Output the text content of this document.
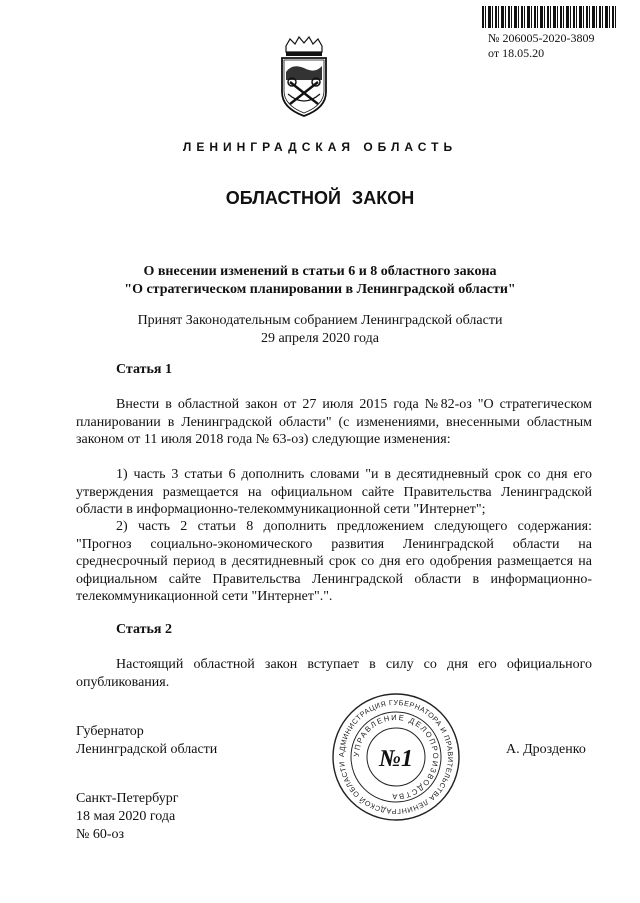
№ 206005-2020-3809
от 18.05.20
ЛЕНИНГРАДСКАЯ ОБЛАСТЬ
ОБЛАСТНОЙ ЗАКОН
О внесении изменений в статьи 6 и 8 областного закона
"О стратегическом планировании в Ленинградской области"
Принят Законодательным собранием Ленинградской области
29 апреля 2020 года
Статья 1
Внести в областной закон от 27 июля 2015 года №82-оз "О стратегическом планировании в Ленинградской области" (с изменениями, внесенными областным законом от 11 июля 2018 года № 63-оз) следующие изменения:
1) часть 3 статьи 6 дополнить словами "и в десятидневный срок со дня его утверждения размещается на официальном сайте Правительства Ленинградской области в информационно-телекоммуникационной сети "Интернет";
2) часть 2 статьи 8 дополнить предложением следующего содержания: "Прогноз социально-экономического развития Ленинградской области на среднесрочный период в десятидневный срок со дня его одобрения размещается на официальном сайте Правительства Ленинградской области в информационно-телекоммуникационной сети "Интернет".".
Статья 2
Настоящий областной закон вступает в силу со дня его официального опубликования.
Губернатор
Ленинградской области	А. Дрозденко
АДМИНИСТРАЦИЯ ГУБЕРНАТОРА И ПРАВИТЕЛЬСТВА ЛЕНИНГРАДСКОЙ ОБЛАСТИ
УПРАВЛЕНИЕ ДЕЛОПРОИЗВОДСТВА
№1
Санкт-Петербург
18 мая 2020 года
№ 60-оз
